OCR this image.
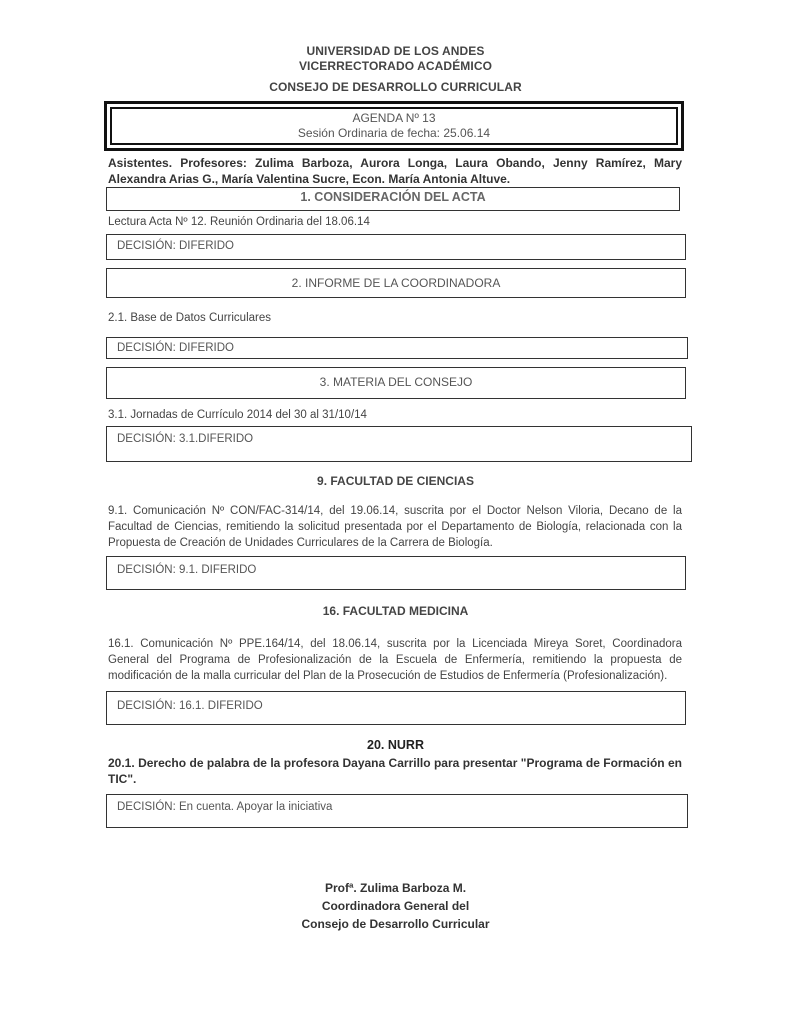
UNIVERSIDAD DE LOS ANDES
VICERRECTORADO ACADÉMICO
CONSEJO DE DESARROLLO CURRICULAR
AGENDA Nº 13
Sesión Ordinaria de fecha: 25.06.14
Asistentes. Profesores: Zulima Barboza, Aurora Longa, Laura Obando, Jenny Ramírez, Mary Alexandra Arias G., María Valentina Sucre, Econ. María Antonia Altuve.
1. CONSIDERACIÓN DEL ACTA
Lectura Acta Nº 12. Reunión Ordinaria del 18.06.14
DECISIÓN: DIFERIDO
2. INFORME DE LA COORDINADORA
2.1. Base de Datos Curriculares
DECISIÓN: DIFERIDO
3. MATERIA DEL CONSEJO
3.1. Jornadas de Currículo 2014 del 30 al 31/10/14
DECISIÓN: 3.1.DIFERIDO
9. FACULTAD DE CIENCIAS
9.1. Comunicación Nº CON/FAC-314/14, del 19.06.14, suscrita por el Doctor Nelson Viloria, Decano de la Facultad de Ciencias, remitiendo la solicitud presentada por el Departamento de Biología, relacionada con la Propuesta de Creación de Unidades Curriculares de la Carrera de Biología.
DECISIÓN: 9.1. DIFERIDO
16. FACULTAD MEDICINA
16.1. Comunicación Nº PPE.164/14, del 18.06.14, suscrita por la Licenciada Mireya Soret, Coordinadora General del Programa de Profesionalización de la Escuela de Enfermería, remitiendo la propuesta de modificación de la malla curricular del Plan de la Prosecución de Estudios de Enfermería (Profesionalización).
DECISIÓN: 16.1. DIFERIDO
20. NURR
20.1. Derecho de palabra de la profesora Dayana Carrillo para presentar "Programa de Formación en TIC".
DECISIÓN: En cuenta. Apoyar la iniciativa
Profª. Zulima Barboza M.
Coordinadora General del
Consejo de Desarrollo Curricular
